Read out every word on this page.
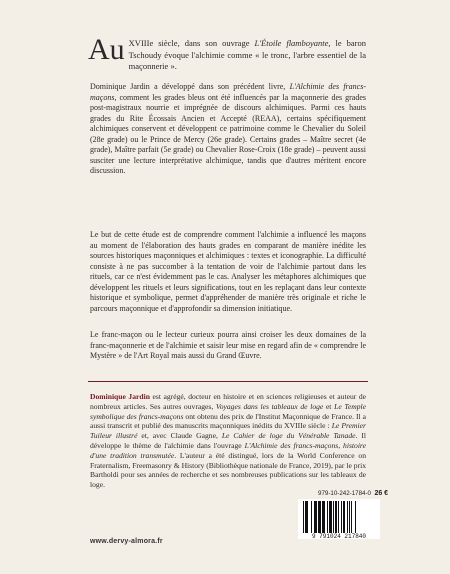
Au XVIIIe siècle, dans son ouvrage L'Étoile flamboyante, le baron Tschoudy évoque l'alchimie comme « le tronc, l'arbre essentiel de la maçonnerie ».
Dominique Jardin a développé dans son précédent livre, L'Alchimie des francs-maçons, comment les grades bleus ont été influencés par la maçonnerie des grades post-magistraux nourrie et imprégnée de discours alchimiques. Parmi ces hauts grades du Rite Écossais Ancien et Accepté (REAA), certains spécifiquement alchimiques conservent et développent ce patrimoine comme le Chevalier du Soleil (28e grade) ou le Prince de Mercy (26e grade). Certains grades – Maître secret (4e grade), Maître parfait (5e grade) ou Chevalier Rose-Croix (18e grade) – peuvent aussi susciter une lecture interprétative alchimique, tandis que d'autres méritent encore discussion.
Le but de cette étude est de comprendre comment l'alchimie a influencé les maçons au moment de l'élaboration des hauts grades en comparant de manière inédite les sources historiques maçonniques et alchimiques : textes et iconographie. La difficulté consiste à ne pas succomber à la tentation de voir de l'alchimie partout dans les rituels, car ce n'est évidemment pas le cas. Analyser les métaphores alchimiques que développent les rituels et leurs significations, tout en les replaçant dans leur contexte historique et symbolique, permet d'appréhender de manière très originale et riche le parcours maçonnique et d'approfondir sa dimension initiatique.
Le franc-maçon ou le lecteur curieux pourra ainsi croiser les deux domaines de la franc-maçonnerie et de l'alchimie et saisir leur mise en regard afin de « comprendre le Mystère » de l'Art Royal mais aussi du Grand Œuvre.
Dominique Jardin est agrégé, docteur en histoire et en sciences religieuses et auteur de nombreux articles. Ses autres ouvrages, Voyages dans les tableaux de loge et Le Temple symbolique des francs-maçons ont obtenu des prix de l'Institut Maçonnique de France. Il a aussi transcrit et publié des manuscrits maçonniques inédits du XVIIIe siècle : Le Premier Tuileur illustré et, avec Claude Gagne, Le Cahier de loge du Vénérable Tanade. Il développe le thème de l'alchimie dans l'ouvrage L'Alchimie des francs-maçons, histoire d'une tradition transmutée. L'auteur a été distingué, lors de la World Conference on Fraternalism, Freemasonry & History (Bibliothèque nationale de France, 2019), par le prix Bartholdi pour ses années de recherche et ses nombreuses publications sur les tableaux de loge.
979-10-242-1784-0 26 €
9 791024 217840
www.dervy-almora.fr
